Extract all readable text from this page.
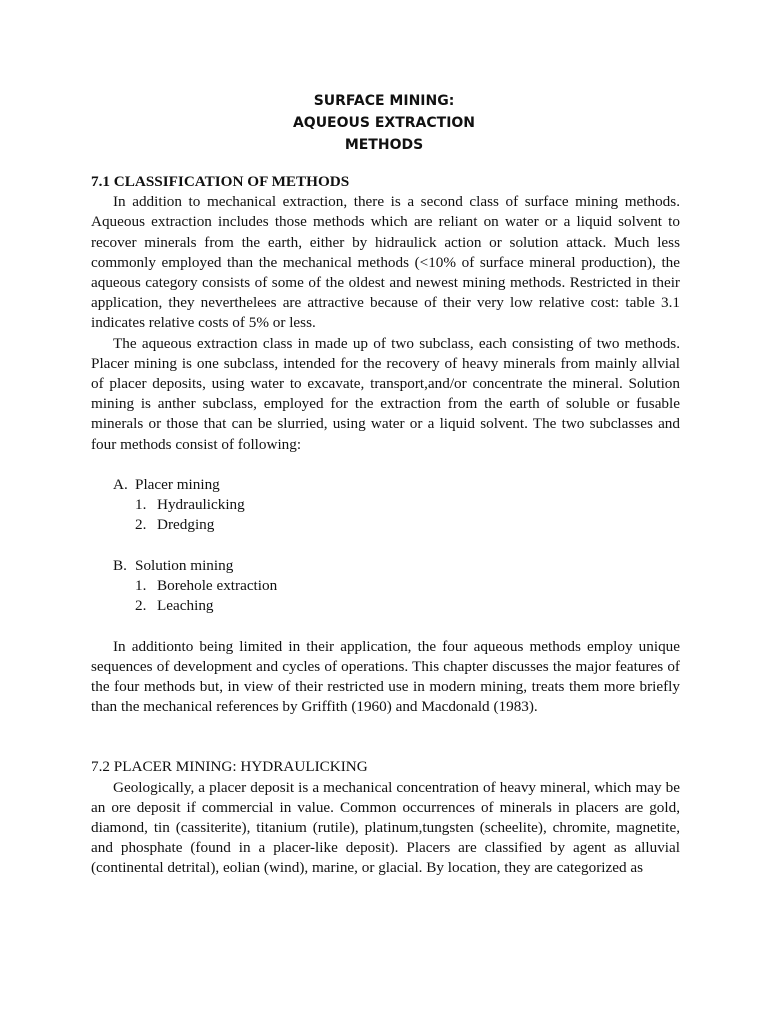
SURFACE MINING:
AQUEOUS EXTRACTION
METHODS

7.1 CLASSIFICATION OF METHODS

In addition to mechanical extraction, there is a second class of surface mining methods. Aqueous extraction includes those methods which are reliant on water or a liquid solvent to recover minerals from the earth, either by hidraulick action or solution attack. Much less commonly employed than the mechanical methods (<10% of surface mineral production), the aqueous category consists of some of the oldest and newest mining methods. Restricted in their application, they neverthelees are attractive because of their very low relative cost: table 3.1 indicates relative costs of 5% or less.

The aqueous extraction class in made up of two subclass, each consisting of two methods. Placer mining is one subclass, intended for the recovery of heavy minerals from mainly allvial of placer deposits, using water to excavate, transport,and/or concentrate the mineral. Solution mining is anther subclass, employed for the extraction from the earth of soluble or fusable minerals or those that can be slurried, using water or a liquid solvent. The two subclasses and four methods consist of following:

A. Placer mining
1. Hydraulicking
2. Dredging
B. Solution mining
1. Borehole extraction
2. Leaching

In additionto being limited in their application, the four aqueous methods employ unique sequences of development and cycles of operations. This chapter discusses the major features of the four methods but, in view of their restricted use in modern mining, treats them more briefly than the mechanical references by Griffith (1960) and Macdonald (1983).

7.2 PLACER MINING: HYDRAULICKING

Geologically, a placer deposit is a mechanical concentration of heavy mineral, which may be an ore deposit if commercial in value. Common occurrences of minerals in placers are gold, diamond, tin (cassiterite), titanium (rutile), platinum,tungsten (scheelite), chromite, magnetite, and phosphate (found in a placer-like deposit). Placers are classified by agent as alluvial (continental detrital), eolian (wind), marine, or glacial. By location, they are categorized as
